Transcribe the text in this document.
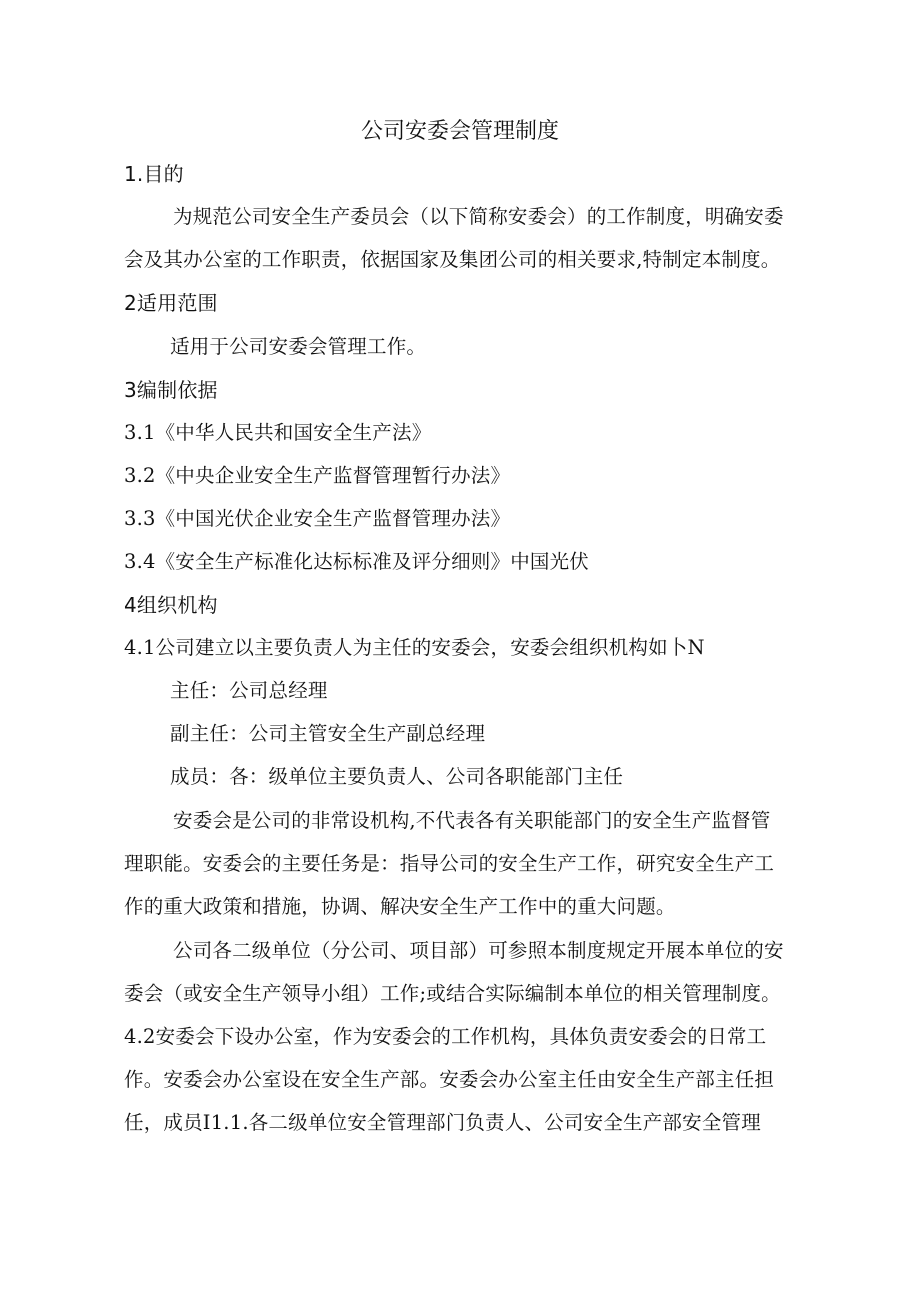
公司安委会管理制度
1.目的
为规范公司安全生产委员会（以下简称安委会）的工作制度，明确安委
会及其办公室的工作职责，依据国家及集团公司的相关要求,特制定本制度。
2适用范围
适用于公司安委会管理工作。
3编制依据
3.1《中华人民共和国安全生产法》
3.2《中央企业安全生产监督管理暂行办法》
3.3《中国光伏企业安全生产监督管理办法》
3.4《安全生产标准化达标标准及评分细则》中国光伏
4组织机构
4.1公司建立以主要负责人为主任的安委会，安委会组织机构如卜N
主任：公司总经理
副主任：公司主管安全生产副总经理
成员：各：级单位主要负责人、公司各职能部门主任
安委会是公司的非常设机构,不代表各有关职能部门的安全生产监督管
理职能。安委会的主要任务是：指导公司的安全生产工作，研究安全生产工
作的重大政策和措施，协调、解决安全生产工作中的重大问题。
公司各二级单位（分公司、项目部）可参照本制度规定开展本单位的安
委会（或安全生产领导小组）工作;或结合实际编制本单位的相关管理制度。
4.2安委会下设办公室，作为安委会的工作机构，具体负责安委会的日常工
作。安委会办公室设在安全生产部。安委会办公室主任由安全生产部主任担
任，成员I1.1.各二级单位安全管理部门负责人、公司安全生产部安全管理
